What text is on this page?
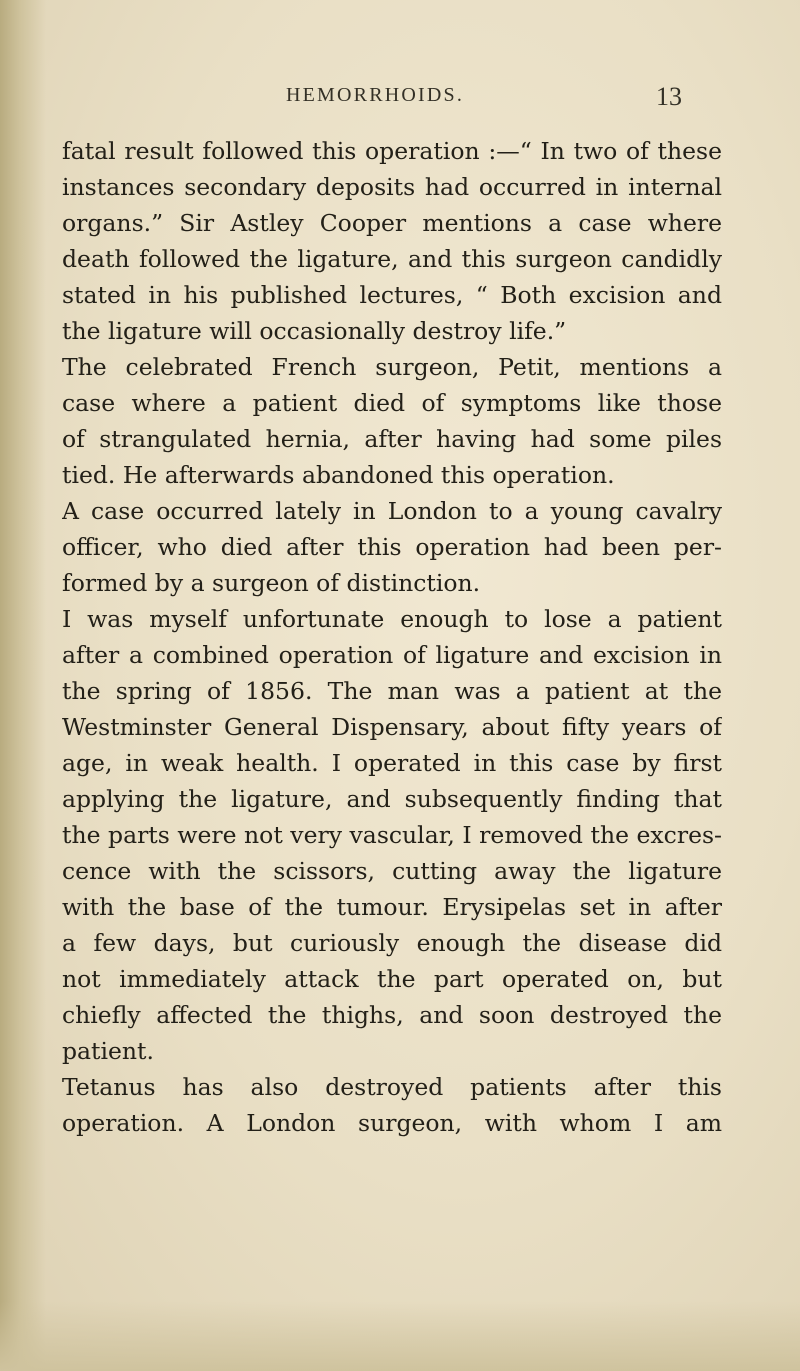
HEMORRHOIDS.	13
fatal result followed this operation :—“ In two of these
instances secondary deposits had occurred in internal
organs.” Sir Astley Cooper mentions a case where
death followed the ligature, and this surgeon candidly
stated in his published lectures, “ Both excision and
the ligature will occasionally destroy life.”
The celebrated French surgeon, Petit, mentions a
case where a patient died of symptoms like those
of strangulated hernia, after having had some piles
tied. He afterwards abandoned this operation.
A case occurred lately in London to a young cavalry
officer, who died after this operation had been per-
formed by a surgeon of distinction.
I was myself unfortunate enough to lose a patient
after a combined operation of ligature and excision in
the spring of 1856. The man was a patient at the
Westminster General Dispensary, about fifty years of
age, in weak health. I operated in this case by first
applying the ligature, and subsequently finding that
the parts were not very vascular, I removed the excres-
cence with the scissors, cutting away the ligature
with the base of the tumour. Erysipelas set in after
a few days, but curiously enough the disease did
not immediately attack the part operated on, but
chiefly affected the thighs, and soon destroyed the
patient.
Tetanus has also destroyed patients after this
operation. A London surgeon, with whom I am
